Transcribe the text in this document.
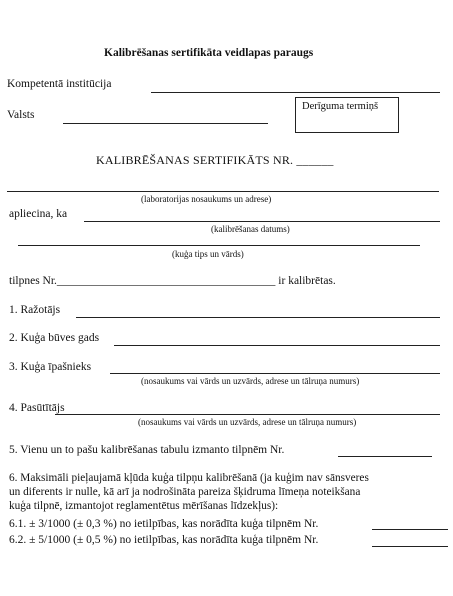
Kalibrēšanas sertifikāta veidlapas paraugs
Kompetentā institūcija
Valsts
Derīguma termiņš
KALIBRĒŠANAS SERTIFIKĀTS NR. ______
(laboratorijas nosaukums un adrese)
apliecina, ka
(kalibrēšanas datums)
(kuģa tips un vārds)
tilpnes Nr.______________________________________ ir kalibrētas.
1. Ražotājs
2. Kuģa būves gads
3. Kuģa īpašnieks
(nosaukums vai vārds un uzvārds, adrese un tālruņa numurs)
4. Pasūtītājs
(nosaukums vai vārds un uzvārds, adrese un tālruņa numurs)
5. Vienu un to pašu kalibrēšanas tabulu izmanto tilpnēm Nr.
6. Maksimāli pieļaujamā kļūda kuģa tilpņu kalibrēšanā (ja kuģim nav sānsveres
un diferents ir nulle, kā arī ja nodrošināta pareiza šķidruma līmeņa noteikšana
kuģa tilpnē, izmantojot reglamentētus mērīšanas līdzekļus):
6.1. ± 3/1000 (± 0,3 %) no ietilpības, kas norādīta kuģa tilpnēm Nr.
6.2. ± 5/1000 (± 0,5 %) no ietilpības, kas norādīta kuģa tilpnēm Nr.
